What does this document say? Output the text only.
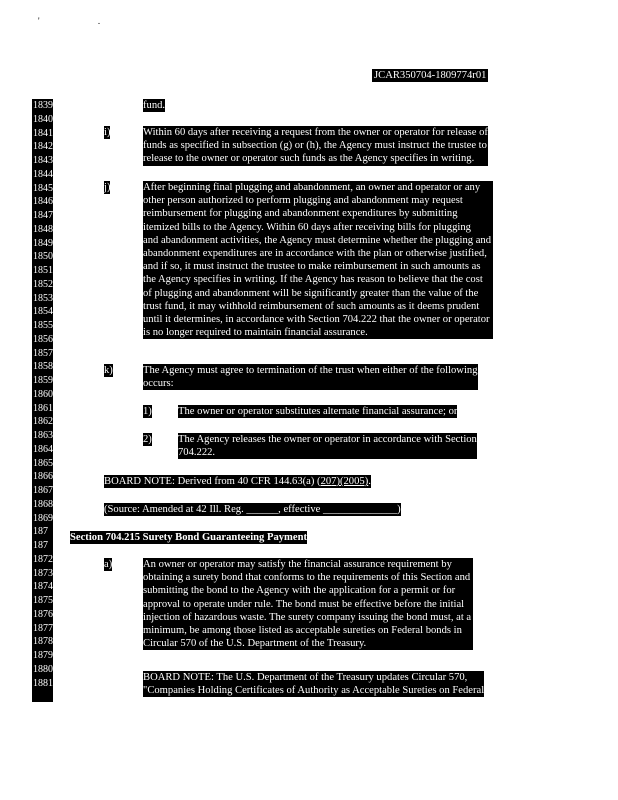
' .
JCAR350704-1809774r01
1839
1840
1841
1842
1843
1844
1845
1846
1847
1848
1849
1850
1851
1852
1853
1854
1855
1856
1857
1858
1859
1860
1861
1862
1863
1864
1865
1866
1867
1868
1869
187
187
1872
1873
1874
1875
1876
1877
1878
1879
1880
1881
fund.
i)	Within 60 days after receiving a request from the owner or operator for release of
funds as specified in subsection (g) or (h), the Agency must instruct the trustee to
release to the owner or operator such funds as the Agency specifies in writing.
j)	After beginning final plugging and abandonment, an owner and operator or any
other person authorized to perform plugging and abandonment may request
reimbursement for plugging and abandonment expenditures by submitting
itemized bills to the Agency. Within 60 days after receiving bills for plugging
and abandonment activities, the Agency must determine whether the plugging and
abandonment expenditures are in accordance with the plan or otherwise justified,
and if so, it must instruct the trustee to make reimbursement in such amounts as
the Agency specifies in writing. If the Agency has reason to believe that the cost
of plugging and abandonment will be significantly greater than the value of the
trust fund, it may withhold reimbursement of such amounts as it deems prudent
until it determines, in accordance with Section 704.222 that the owner or operator
is no longer required to maintain financial assurance.
k)	The Agency must agree to termination of the trust when either of the following
occurs:
1) The owner or operator substitutes alternate financial assurance; or
2) The Agency releases the owner or operator in accordance with Section
704.222.
BOARD NOTE: Derived from 40 CFR 144.63(a) (207)(2005).
(Source: Amended at 42 Ill. Reg. ______, effective ______________)
Section 704.215 Surety Bond Guaranteeing Payment
a)	An owner or operator may satisfy the financial assurance requirement by
obtaining a surety bond that conforms to the requirements of this Section and
submitting the bond to the Agency with the application for a permit or for
approval to operate under rule. The bond must be effective before the initial
injection of hazardous waste. The surety company issuing the bond must, at a
minimum, be among those listed as acceptable sureties on Federal bonds in
Circular 570 of the U.S. Department of the Treasury.
BOARD NOTE: The U.S. Department of the Treasury updates Circular 570,
"Companies Holding Certificates of Authority as Acceptable Sureties on Federal
